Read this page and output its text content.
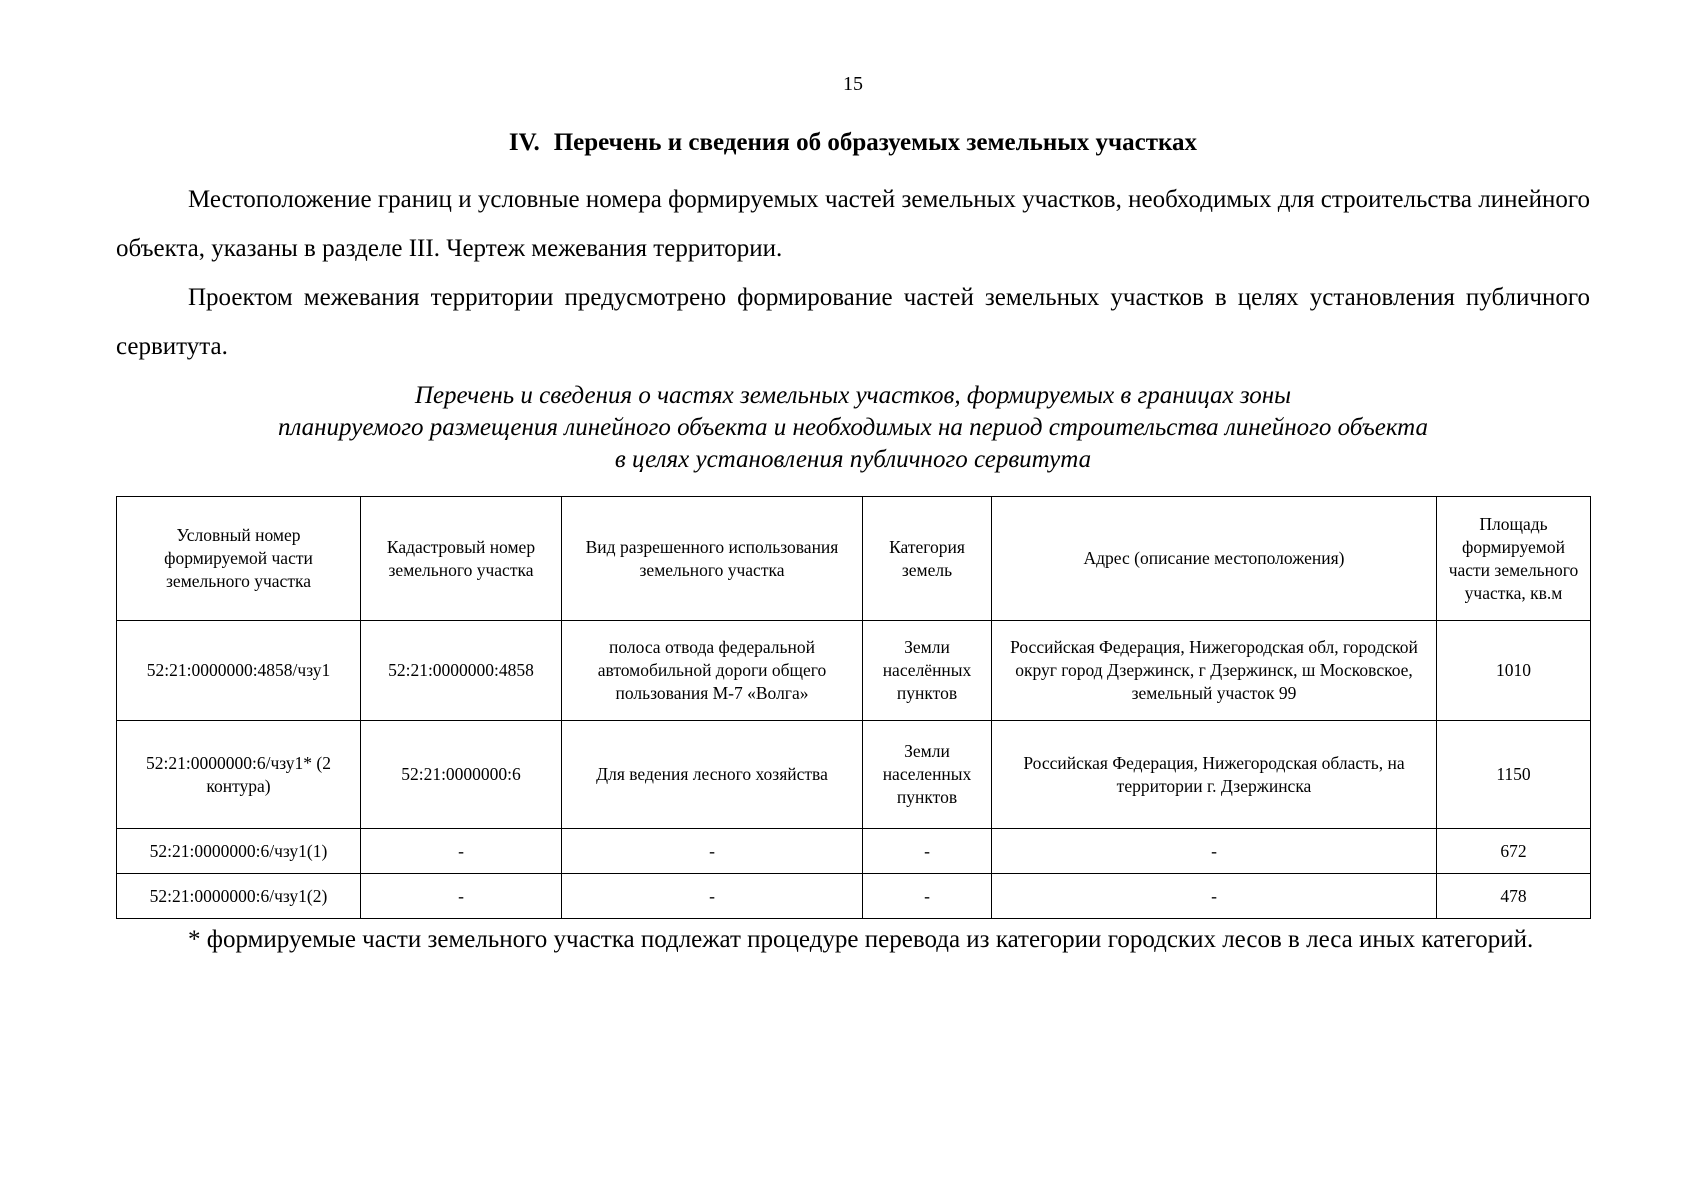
15
IV. Перечень и сведения об образуемых земельных участках

Местоположение границ и условные номера формируемых частей земельных участков, необходимых для строительства линейного объекта, указаны в разделе III. Чертеж межевания территории.

Проектом межевания территории предусмотрено формирование частей земельных участков в целях установления публичного сервитута.

Перечень и сведения о частях земельных участков, формируемых в границах зоны
планируемого размещения линейного объекта и необходимых на период строительства линейного объекта
в целях установления публичного сервитута
Условный номер формируемой части земельного участка	Кадастровый номер земельного участка	Вид разрешенного использования земельного участка	Категория земель	Адрес (описание местоположения)	Площадь формируемой части земельного участка, кв.м
52:21:0000000:4858/чзу1	52:21:0000000:4858	полоса отвода федеральной автомобильной дороги общего пользования М-7 «Волга»	Земли населённых пунктов	Российская Федерация, Нижегородская обл, городской округ город Дзержинск, г Дзержинск, ш Московское, земельный участок 99	1010
52:21:0000000:6/чзу1* (2 контура)	52:21:0000000:6	Для ведения лесного хозяйства	Земли населенных пунктов	Российская Федерация, Нижегородская область, на территории г. Дзержинска	1150
52:21:0000000:6/чзу1(1)	-	-	-	-	672
52:21:0000000:6/чзу1(2)	-	-	-	-	478

* формируемые части земельного участка подлежат процедуре перевода из категории городских лесов в леса иных категорий.
